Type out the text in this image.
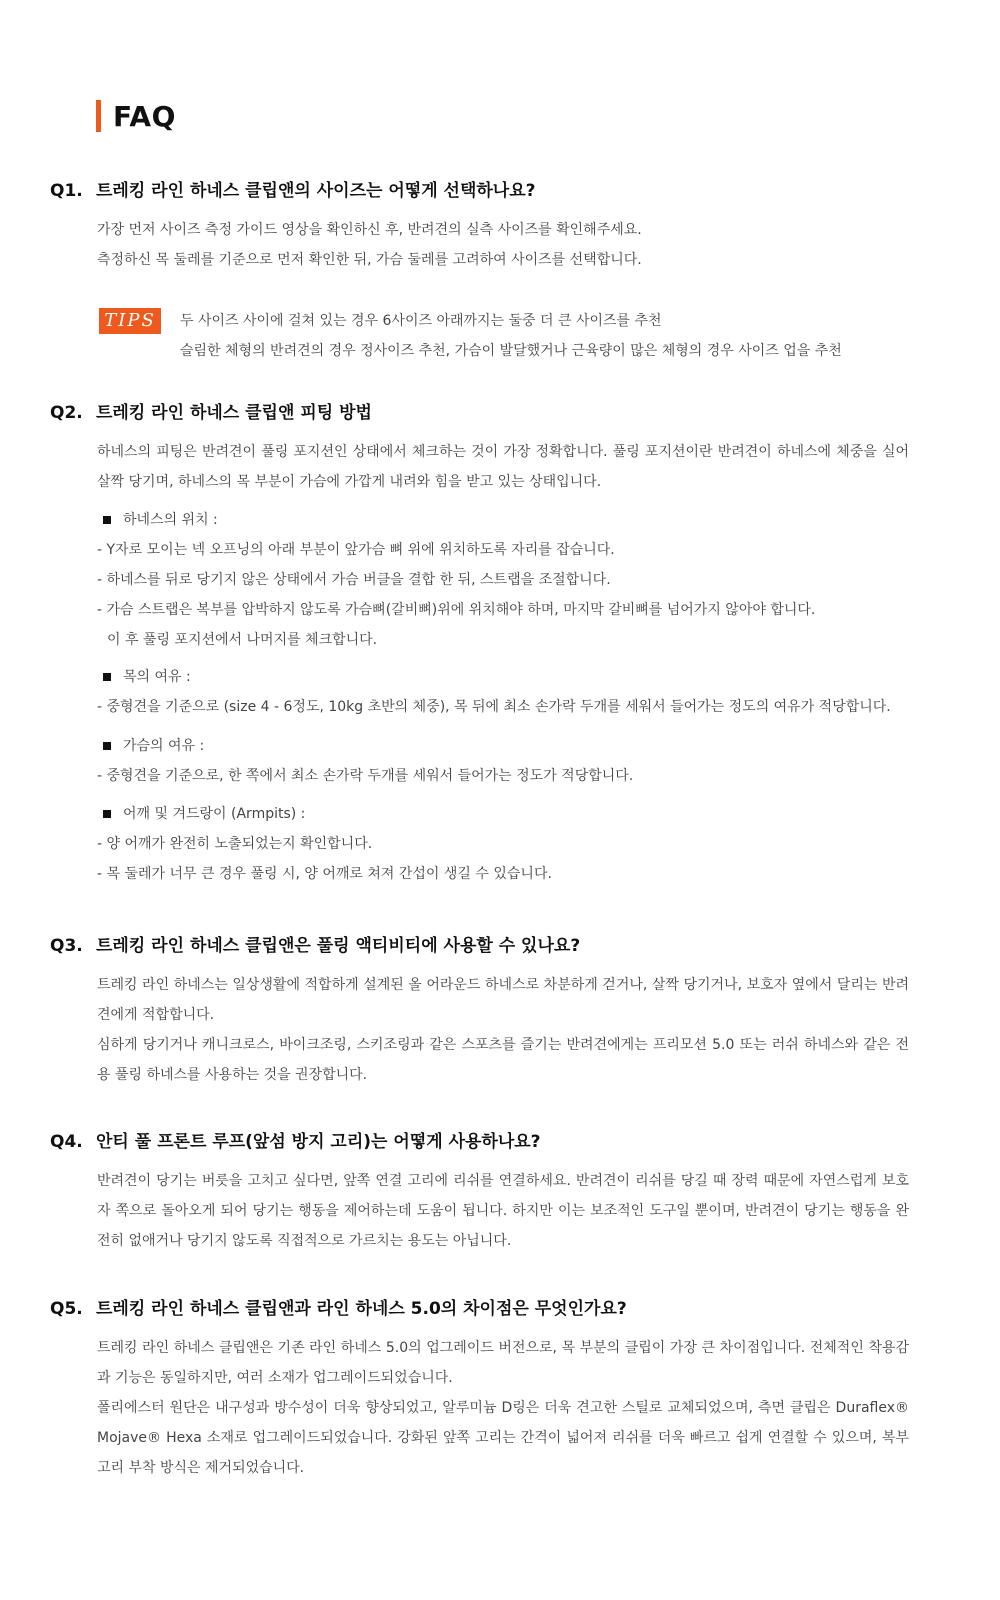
FAQ
Q1. 트레킹 라인 하네스 클립앤의 사이즈는 어떻게 선택하나요?

가장 먼저 사이즈 측정 가이드 영상을 확인하신 후, 반려견의 실측 사이즈를 확인해주세요.

측정하신 목 둘레를 기준으로 먼저 확인한 뒤, 가슴 둘레를 고려하여 사이즈를 선택합니다.

TIPS	두 사이즈 사이에 걸쳐 있는 경우 6사이즈 아래까지는 둘중 더 큰 사이즈를 추천

슬림한 체형의 반려견의 경우 정사이즈 추천, 가슴이 발달했거나 근육량이 많은 체형의 경우 사이즈 업을 추천

Q2. 트레킹 라인 하네스 클립앤 피팅 방법

하네스의 피팅은 반려견이 풀링 포지션인 상태에서 체크하는 것이 가장 정확합니다. 풀링 포지션이란 반려견이 하네스에 체중을 실어 살짝 당기며, 하네스의 목 부분이 가슴에 가깝게 내려와 힘을 받고 있는 상태입니다.

하네스의 위치 :

- Y자로 모이는 넥 오프닝의 아래 부분이 앞가슴 뼈 위에 위치하도록 자리를 잡습니다.

- 하네스를 뒤로 당기지 않은 상태에서 가슴 버클을 결합 한 뒤, 스트랩을 조절합니다.

- 가슴 스트랩은 복부를 압박하지 않도록 가슴뼈(갈비뼈)위에 위치해야 하며, 마지막 갈비뼈를 넘어가지 않아야 합니다.

이 후 풀링 포지션에서 나머지를 체크합니다.

목의 여유 :

- 중형견을 기준으로 (size 4 - 6정도, 10kg 초반의 체중), 목 뒤에 최소 손가락 두개를 세워서 들어가는 정도의 여유가 적당합니다.

가슴의 여유 :

- 중형견을 기준으로, 한 쪽에서 최소 손가락 두개를 세워서 들어가는 정도가 적당합니다.

어깨 및 겨드랑이 (Armpits) :

- 양 어깨가 완전히 노출되었는지 확인합니다.

- 목 둘레가 너무 큰 경우 풀링 시, 양 어깨로 쳐져 간섭이 생길 수 있습니다.

Q3. 트레킹 라인 하네스 클립앤은 풀링 액티비티에 사용할 수 있나요?

트레킹 라인 하네스는 일상생활에 적합하게 설계된 올 어라운드 하네스로 차분하게 걷거나, 살짝 당기거나, 보호자 옆에서 달리는 반려견에게 적합합니다.

심하게 당기거나 캐니크로스, 바이크조링, 스키조링과 같은 스포츠를 즐기는 반려견에게는 프리모션 5.0 또는 러쉬 하네스와 같은 전용 풀링 하네스를 사용하는 것을 권장합니다.

Q4. 안티 풀 프론트 루프(앞섬 방지 고리)는 어떻게 사용하나요?

반려견이 당기는 버릇을 고치고 싶다면, 앞쪽 연결 고리에 리쉬를 연결하세요. 반려견이 리쉬를 당길 때 장력 때문에 자연스럽게 보호자 쪽으로 돌아오게 되어 당기는 행동을 제어하는데 도움이 됩니다. 하지만 이는 보조적인 도구일 뿐이며, 반려견이 당기는 행동을 완전히 없애거나 당기지 않도록 직접적으로 가르치는 용도는 아닙니다.

Q5. 트레킹 라인 하네스 클립앤과 라인 하네스 5.0의 차이점은 무엇인가요?

트레킹 라인 하네스 클립앤은 기존 라인 하네스 5.0의 업그레이드 버전으로, 목 부분의 클립이 가장 큰 차이점입니다. 전체적인 착용감과 기능은 동일하지만, 여러 소재가 업그레이드되었습니다.

폴리에스터 원단은 내구성과 방수성이 더욱 향상되었고, 알루미늄 D링은 더욱 견고한 스틸로 교체되었으며, 측면 클립은 Duraflex® Mojave® Hexa 소재로 업그레이드되었습니다. 강화된 앞쪽 고리는 간격이 넓어져 리쉬를 더욱 빠르고 쉽게 연결할 수 있으며, 복부 고리 부착 방식은 제거되었습니다.
